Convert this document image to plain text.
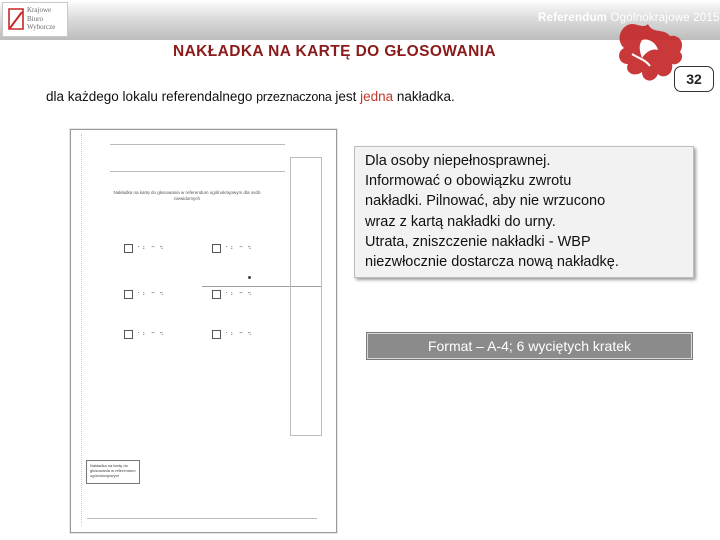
Krajowe
Biuro
Wyborcze
Referendum Ogólnokrajowe 2015
NAKŁADKA NA KARTĘ DO GŁOSOWANIA
32
dla każdego lokalu referendalnego przeznaczona jest jedna nakładka.
Nakładka na kartę do głosowania w referendum ogólnokrajowym dla osób niewidomych
⠁⠃ ⠉ ⠙	⠁⠃ ⠉ ⠙
⠁⠃ ⠉ ⠙	⠁⠃ ⠉ ⠙
⠁⠃ ⠉ ⠙	⠁⠃ ⠉ ⠙
Nakładka na kartę do głosowania w referendum ogólnokrajowym

Dla osoby niepełnosprawnej.

Informować o obowiązku zwrotu

nakładki. Pilnować, aby nie wrzucono

wraz z kartą nakładki do urny.

Utrata, zniszczenie nakładki - WBP

niezwłocznie dostarcza nową nakładkę.

Format – A-4; 6 wyciętych kratek
